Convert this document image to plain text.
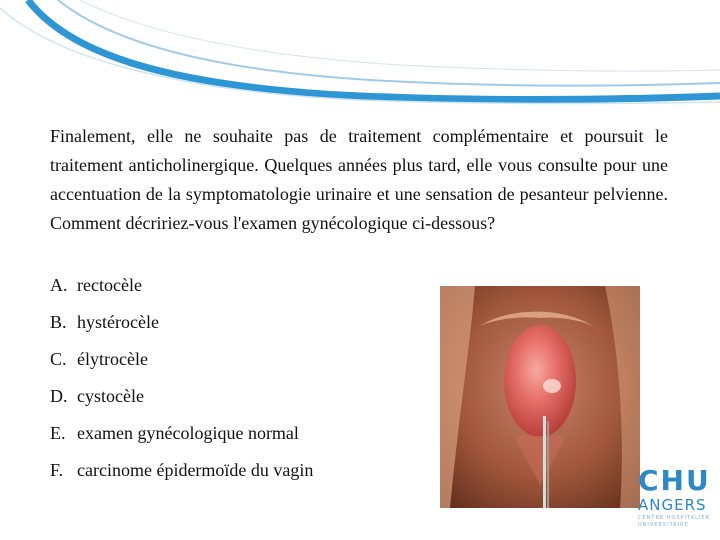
Finalement, elle ne souhaite pas de traitement complémentaire et poursuit le traitement anticholinergique. Quelques années plus tard, elle vous consulte pour une accentuation de la symptomatologie urinaire et une sensation de pesanteur pelvienne. Comment décririez-vous l'examen gynécologique ci-dessous?

A. rectocèle
B. hystérocèle
C. élytrocèle
D. cystocèle
E. examen gynécologique normal
F. carcinome épidermoïde du vagin	CHU
ANGERS
CENTRE HOSPITALIER
UNIVERSITAIRE
